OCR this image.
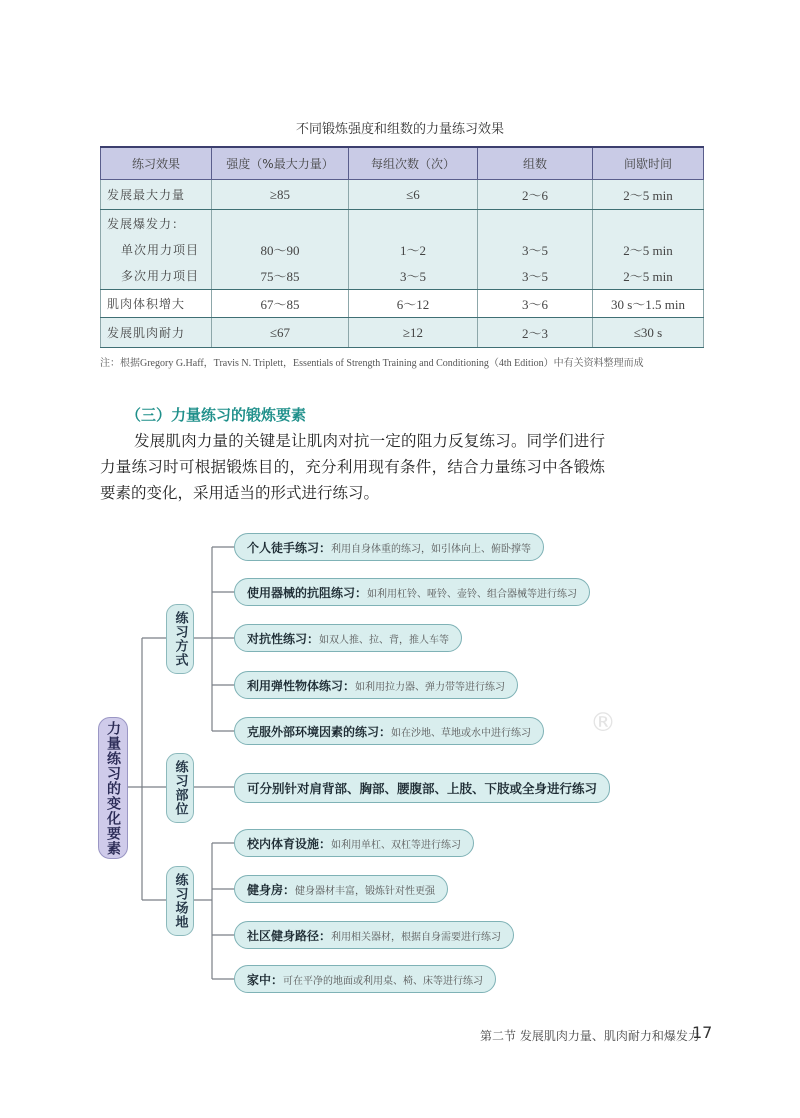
不同锻炼强度和组数的力量练习效果
练习效果	强度（%最大力量）	每组次数（次）	组数	间歇时间
发展最大力量	≥85	≤6	2～6	2～5 min
发展爆发力：				
单次用力项目	80～90	1～2	3～5	2～5 min
多次用力项目	75～85	3～5	3～5	2～5 min
肌肉体积增大	67～85	6～12	3～6	30 s～1.5 min
发展肌肉耐力	≤67	≥12	2～3	≤30 s
注：根据Gregory G.Haff，Travis N. Triplett，Essentials of Strength Training and Conditioning（4th Edition）中有关资料整理而成
（三）力量练习的锻炼要素
发展肌肉力量的关键是让肌肉对抗一定的阻力反复练习。同学们进行力量练习时可根据锻炼目的，充分利用现有条件，结合力量练习中各锻炼要素的变化，采用适当的形式进行练习。
®
力量练习的变化要素
练习方式
练习部位
练习场地
个人徒手练习： 利用自身体重的练习，如引体向上、俯卧撑等
使用器械的抗阻练习： 如利用杠铃、哑铃、壶铃、组合器械等进行练习
对抗性练习： 如双人推、拉、背，推人车等
利用弹性物体练习： 如利用拉力器、弹力带等进行练习
克服外部环境因素的练习： 如在沙地、草地或水中进行练习
可分别针对肩背部、胸部、腰腹部、上肢、下肢或全身进行练习
校内体育设施： 如利用单杠、双杠等进行练习
健身房： 健身器材丰富，锻炼针对性更强
社区健身路径： 利用相关器材，根据自身需要进行练习
家中： 可在平净的地面或利用桌、椅、床等进行练习
第二节 发展肌肉力量、肌肉耐力和爆发力
17
